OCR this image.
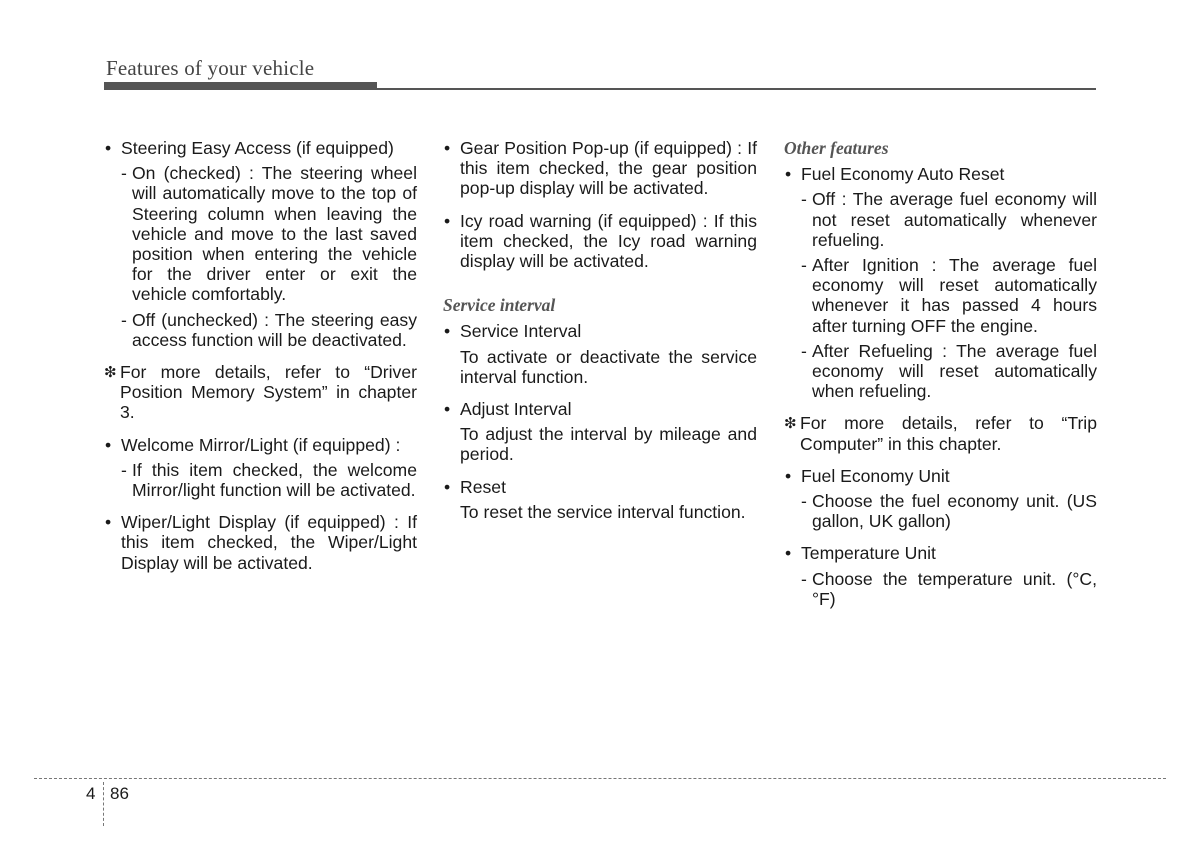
Features of your vehicle
• Steering Easy Access (if equipped)
- On (checked) : The steering wheel will automatically move to the top of Steering column when leaving the vehicle and move to the last saved position when entering the vehicle for the driver enter or exit the vehicle comfortably.
- Off (unchecked) : The steering easy access function will be deactivated.
❇ For more details, refer to “Driver Position Memory System” in chapter 3.
• Welcome Mirror/Light (if equipped) :
- If this item checked, the welcome Mirror/light function will be activated.
• Wiper/Light Display (if equipped) : If this item checked, the Wiper/Light Display will be activated.
• Gear Position Pop-up (if equipped) : If this item checked, the gear position pop-up display will be activated.
• Icy road warning (if equipped) : If this item checked, the Icy road warning display will be activated.
Service interval
• Service Interval
To activate or deactivate the service interval function.
• Adjust Interval
To adjust the interval by mileage and period.
• Reset
To reset the service interval function.
Other features
• Fuel Economy Auto Reset
- Off : The average fuel economy will not reset automatically whenever refueling.
- After Ignition : The average fuel economy will reset automatically whenever it has passed 4 hours after turning OFF the engine.
- After Refueling : The average fuel economy will reset automatically when refueling.
❇ For more details, refer to “Trip Computer” in this chapter.
• Fuel Economy Unit
- Choose the fuel economy unit. (US gallon, UK gallon)
• Temperature Unit
- Choose the temperature unit. (°C,°F)
4 86
